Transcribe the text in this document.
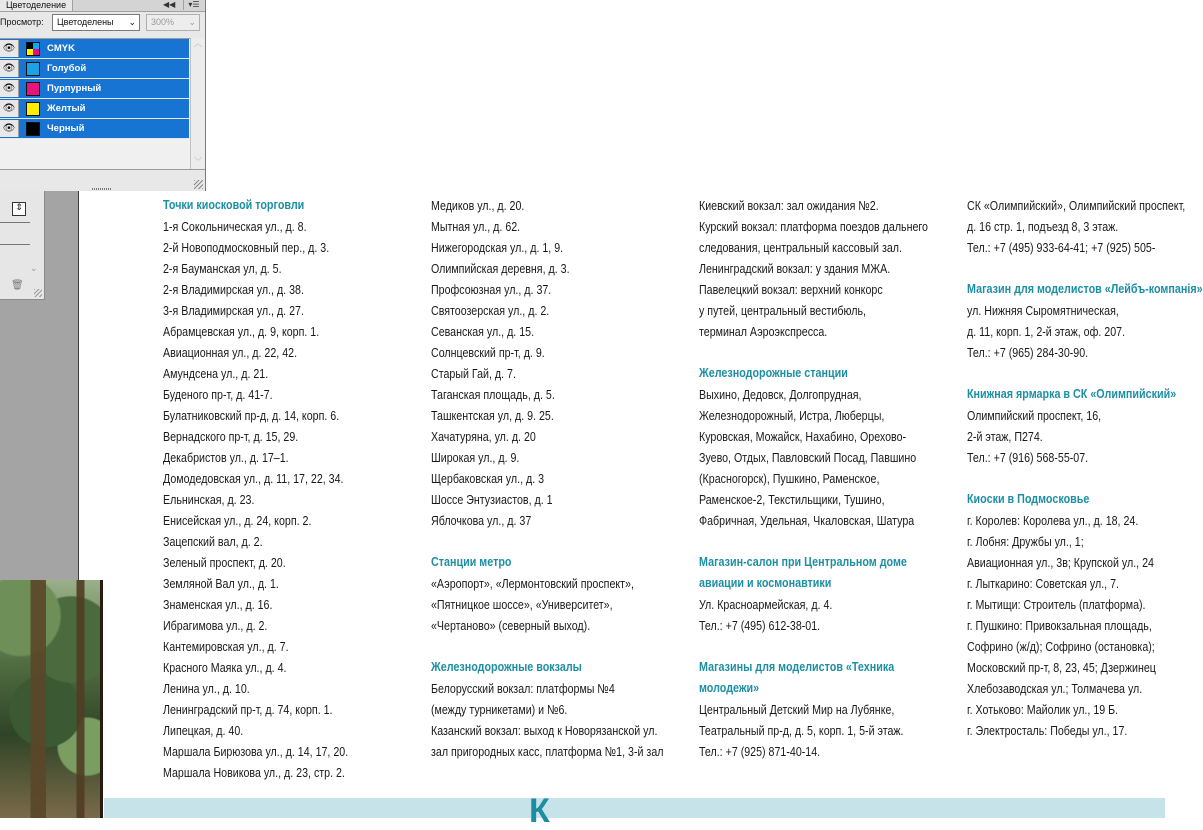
К
⇕
⌄
🗑
Цветоделение	◀◀	▾☰
Просмотр:	Цветоделены ⌄	300% ⌄
👁	CMYK
👁	Голубой
👁	Пурпурный
👁	Желтый
👁	Черный
︿
﹀
Точки киосковой торговли
1-я Сокольническая ул., д. 8.
2-й Новоподмосковный пер., д. 3.
2-я Бауманская ул, д. 5.
2-я Владимирская ул., д. 38.
3-я Владимирская ул., д. 27.
Абрамцевская ул., д. 9, корп. 1.
Авиационная ул., д. 22, 42.
Амундсена ул., д. 21.
Буденого пр-т, д. 41-7.
Булатниковский пр-д, д. 14, корп. 6.
Вернадского пр-т, д. 15, 29.
Декабристов ул., д. 17–1.
Домодедовская ул., д. 11, 17, 22, 34.
Ельнинская, д. 23.
Енисейская ул., д. 24, корп. 2.
Зацепский вал, д. 2.
Зеленый проспект, д. 20.
Земляной Вал ул., д. 1.
Знаменская ул., д. 16.
Ибрагимова ул., д. 2.
Кантемировская ул., д. 7.
Красного Маяка ул., д. 4.
Ленина ул., д. 10.
Ленинградский пр-т, д. 74, корп. 1.
Липецкая, д. 40.
Маршала Бирюзова ул., д. 14, 17, 20.
Маршала Новикова ул., д. 23, стр. 2.
Медиков ул., д. 20.
Мытная ул., д. 62.
Нижегородская ул., д. 1, 9.
Олимпийская деревня, д. 3.
Профсоюзная ул., д. 37.
Святоозерская ул., д. 2.
Севанская ул., д. 15.
Солнцевский пр-т, д. 9.
Старый Гай, д. 7.
Таганская площадь, д. 5.
Ташкентская ул, д. 9. 25.
Хачатуряна, ул. д. 20
Широкая ул., д. 9.
Щербаковская ул., д. 3
Шоссе Энтузиастов, д. 1
Яблочкова ул., д. 37
Станции метро
«Аэропорт», «Лермонтовский проспект»,
«Пятницкое шоссе», «Университет»,
«Чертаново» (северный выход).
Железнодорожные вокзалы
Белорусский вокзал: платформы №4
(между турникетами) и №6.
Казанский вокзал: выход к Новорязанской ул.
зал пригородных касс, платформа №1, 3-й зал
Киевский вокзал: зал ожидания №2.
Курский вокзал: платформа поездов дальнего
следования, центральный кассовый зал.
Ленинградский вокзал: у здания МЖА.
Павелецкий вокзал: верхний конкорс
у путей, центральный вестибюль,
терминал Аэроэкспресса.
Железнодорожные станции
Выхино, Дедовск, Долгопрудная,
Железнодорожный, Истра, Люберцы,
Куровская, Можайск, Нахабино, Орехово-
Зуево, Отдых, Павловский Посад, Павшино
(Красногорск), Пушкино, Раменское,
Раменское-2, Текстильщики, Тушино,
Фабричная, Удельная, Чкаловская, Шатура
Магазин-салон при Центральном доме
авиации и космонавтики
Ул. Красноармейская, д. 4.
Тел.: +7 (495) 612-38-01.
Магазины для моделистов «Техника
молодежи»
Центральный Детский Мир на Лубянке,
Театральный пр-д, д. 5, корп. 1, 5-й этаж.
Тел.: +7 (925) 871-40-14.
СК «Олимпийский», Олимпийский проспект,
д. 16 стр. 1, подъезд 8, 3 этаж.
Тел.: +7 (495) 933-64-41; +7 (925) 505-
Магазин для моделистов «Лейбъ-компанія»
ул. Нижняя Сыромятническая,
д. 11, корп. 1, 2-й этаж, оф. 207.
Тел.: +7 (965) 284-30-90.
Книжная ярмарка в СК «Олимпийский»
Олимпийский проспект, 16,
2-й этаж, П274.
Тел.: +7 (916) 568-55-07.
Киоски в Подмосковье
г. Королев: Королева ул., д. 18, 24.
г. Лобня: Дружбы ул., 1;
Авиационная ул., 3в; Крупской ул., 24
г. Лыткарино: Советская ул., 7.
г. Мытищи: Строитель (платформа).
г. Пушкино: Привокзальная площадь,
Софрино (ж/д); Софрино (остановка);
Московский пр-т, 8, 23, 45; Дзержинец
Хлебозаводская ул.; Толмачева ул.
г. Хотьково: Майолик ул., 19 Б.
г. Электросталь: Победы ул., 17.
